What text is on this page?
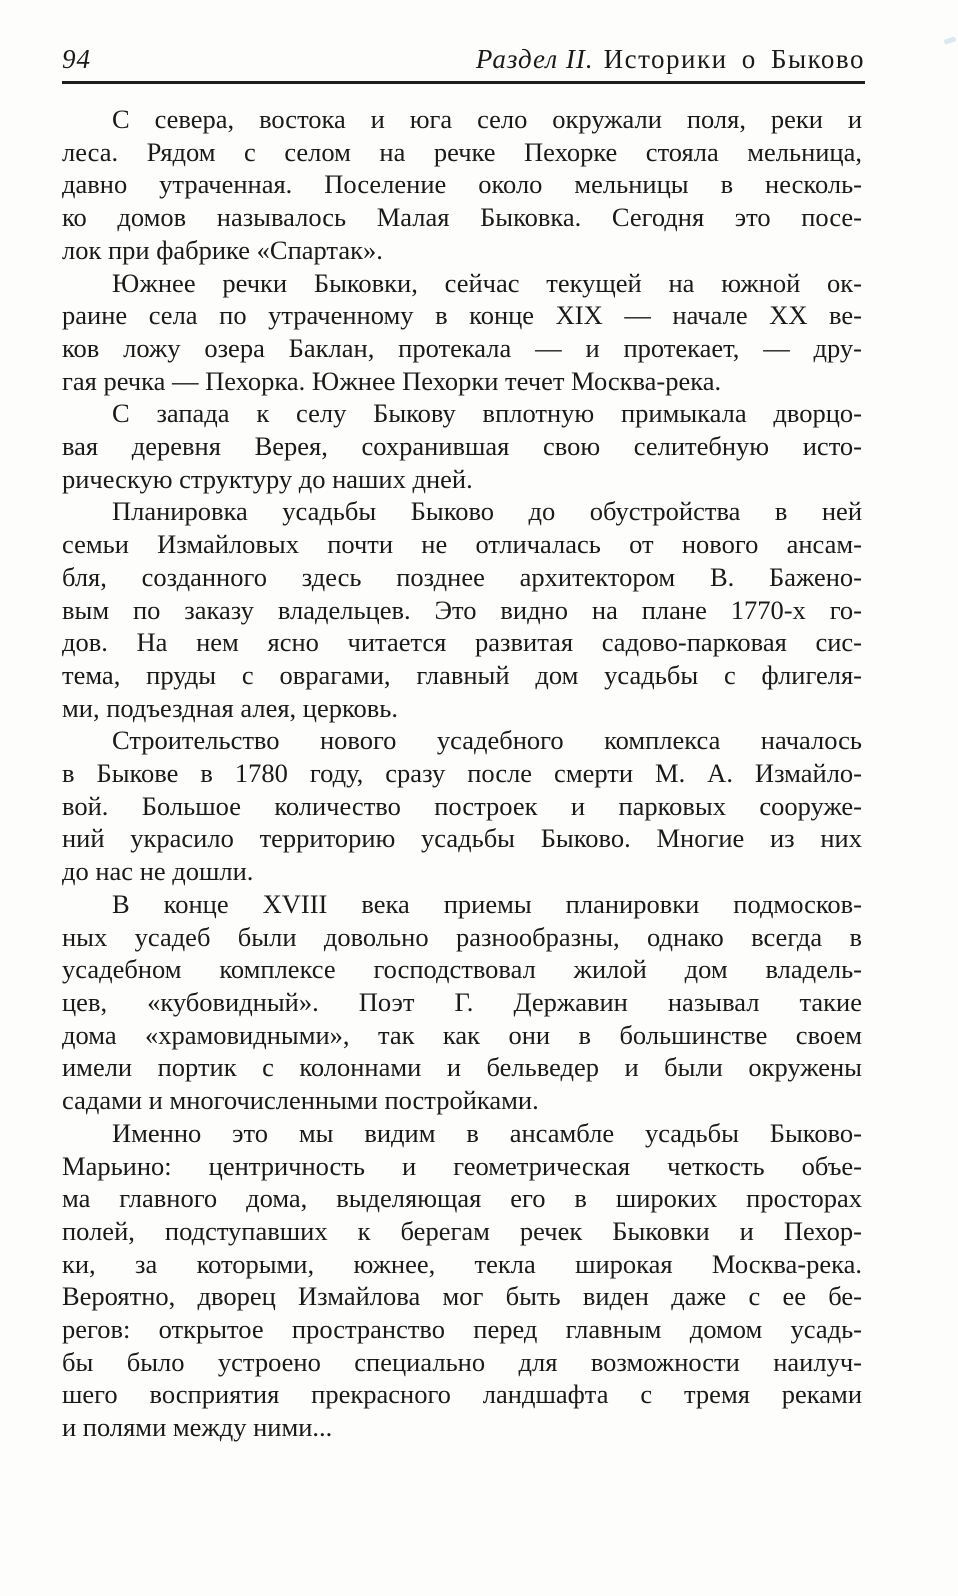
94	Раздел II. Историки о Быково
С севера, востока и юга село окружали поля, реки и
леса. Рядом с селом на речке Пехорке стояла мельница,
давно утраченная. Поселение около мельницы в несколь-
ко домов называлось Малая Быковка. Сегодня это посе-
лок при фабрике «Спартак».
Южнее речки Быковки, сейчас текущей на южной ок-
раине села по утраченному в конце XIX — начале XX ве-
ков ложу озера Баклан, протекала — и протекает, — дру-
гая речка — Пехорка. Южнее Пехорки течет Москва-река.
С запада к селу Быкову вплотную примыкала дворцо-
вая деревня Верея, сохранившая свою селитебную исто-
рическую структуру до наших дней.
Планировка усадьбы Быково до обустройства в ней
семьи Измайловых почти не отличалась от нового ансам-
бля, созданного здесь позднее архитектором В. Бажено-
вым по заказу владельцев. Это видно на плане 1770-х го-
дов. На нем ясно читается развитая садово-парковая сис-
тема, пруды с оврагами, главный дом усадьбы с флигеля-
ми, подъездная алея, церковь.
Строительство нового усадебного комплекса началось
в Быкове в 1780 году, сразу после смерти М. А. Измайло-
вой. Большое количество построек и парковых сооруже-
ний украсило территорию усадьбы Быково. Многие из них
до нас не дошли.
В конце XVIII века приемы планировки подмосков-
ных усадеб были довольно разнообразны, однако всегда в
усадебном комплексе господствовал жилой дом владель-
цев, «кубовидный». Поэт Г. Державин называл такие
дома «храмовидными», так как они в большинстве своем
имели портик с колоннами и бельведер и были окружены
садами и многочисленными постройками.
Именно это мы видим в ансамбле усадьбы Быково-
Марьино: центричность и геометрическая четкость объе-
ма главного дома, выделяющая его в широких просторах
полей, подступавших к берегам речек Быковки и Пехор-
ки, за которыми, южнее, текла широкая Москва-река.
Вероятно, дворец Измайлова мог быть виден даже с ее бе-
регов: открытое пространство перед главным домом усадь-
бы было устроено специально для возможности наилуч-
шего восприятия прекрасного ландшафта с тремя реками
и полями между ними...
